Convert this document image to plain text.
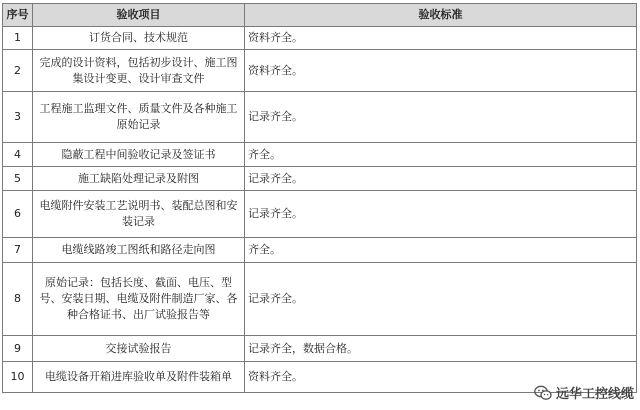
序号	验收项目	验收标准
1	订货合同、技术规范	资料齐全。
2	完成的设计资料，包括初步设计、施工图集设计变更、设计审查文件	资料齐全。
3	工程施工监理文件、质量文件及各种施工原始记录	记录齐全。
4	隐蔽工程中间验收记录及签证书	齐全。
5	施工缺陷处理记录及附图	记录齐全。
6	电缆附件安装工艺说明书、装配总图和安装记录	记录齐全。
7	电缆线路竣工图纸和路径走向图	齐全。
8	原始记录：包括长度、截面、电压、型号、安装日期、电缆及附件制造厂家、各种合格证书、出厂试验报告等	记录齐全。
9	交接试验报告	记录齐全，数据合格。
10	电缆设备开箱进库验收单及附件装箱单	资料齐全。
远华工控线缆
